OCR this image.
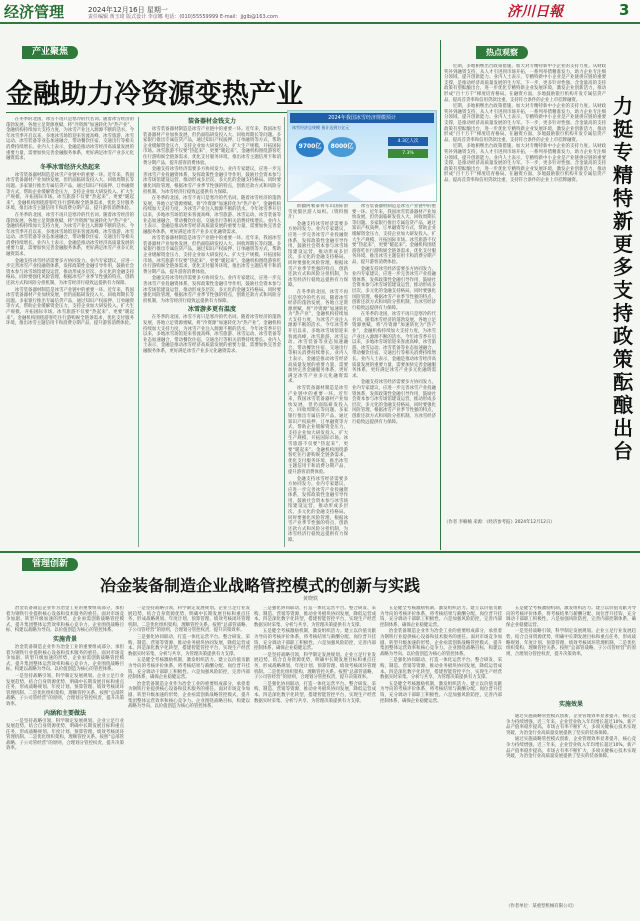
经济管理	2024年12月16日 星期一
责任编辑 黄玉琦 版式设计 李彦娜 电话：(010)55559999 E-mail：jjglb@163.com	济川日報	3
产业聚焦
金融助力冷资源变热产业

在冬季的北国，冰雪不再只是寒冷的代名词。随着冰雪经济的蓬勃发展，各地立足资源禀赋，将“冷资源”加速转化为“热产业”，金融机构持续加大支持力度，为冰雪产业注入源源不断的活水。今年冰雪季开启以来，多地冰雪场馆迎来客流高峰，冰雪旅游、冰雪运动、冰雪装备等业态加速融合，带动餐饮住宿、交通出行等相关消费持续增长。业内人士表示，金融是推动冰雪经济高质量发展的重要力量，需要加快完善金融服务体系，更好满足冰雪产业多元化融资需求。

冬季冰雪经济火热起来

冰雪装备器材制造是冰雪产业链中的重要一环。近年来，我国冰雪装备器材产业加快发展，但仍面临研发投入大、回收周期长等问题。多家银行推出专属信贷产品，通过知识产权质押、订单融资等方式，帮助企业缓解资金压力，支持企业加大研发投入、扩大生产规模、开拓国际市场。冰雪旅游不仅要“热起来”，更要“暖起来”。金融机构围绕游客吃住行游购娱全链条需求，优化支付服务环境，推出冰雪主题信用卡和消费分期产品，提升游客消费体验。

在冬季的北国，冰雪不再只是寒冷的代名词。随着冰雪经济的蓬勃发展，各地立足资源禀赋，将“冷资源”加速转化为“热产业”，金融机构持续加大支持力度，为冰雪产业注入源源不断的活水。今年冰雪季开启以来，多地冰雪场馆迎来客流高峰，冰雪旅游、冰雪运动、冰雪装备等业态加速融合，带动餐饮住宿、交通出行等相关消费持续增长。业内人士表示，金融是推动冰雪经济高质量发展的重要力量，需要加快完善金融服务体系，更好满足冰雪产业多元化融资需求。

金融支持冰雪经济需要多方协同发力。业内专家建议，应进一步完善冰雪产业投融资体系，发挥政策性金融引导作用，鼓励社会资本参与冰雪场馆建设运营，推动形成多层次、多元化的金融支持格局。同时要强化风险管理，根据冰雪产业季节性强的特点，创新还款方式和风险分担机制，为冰雪经济行稳致远提供有力保障。

冰雪装备器材制造是冰雪产业链中的重要一环。近年来，我国冰雪装备器材产业加快发展，但仍面临研发投入大、回收周期长等问题。多家银行推出专属信贷产品，通过知识产权质押、订单融资等方式，帮助企业缓解资金压力，支持企业加大研发投入、扩大生产规模、开拓国际市场。冰雪旅游不仅要“热起来”，更要“暖起来”。金融机构围绕游客吃住行游购娱全链条需求，优化支付服务环境，推出冰雪主题信用卡和消费分期产品，提升游客消费体验。

装备器材金钱支力

冰雪装备器材制造是冰雪产业链中的重要一环。近年来，我国冰雪装备器材产业加快发展，但仍面临研发投入大、回收周期长等问题。多家银行推出专属信贷产品，通过知识产权质押、订单融资等方式，帮助企业缓解资金压力，支持企业加大研发投入、扩大生产规模、开拓国际市场。冰雪旅游不仅要“热起来”，更要“暖起来”。金融机构围绕游客吃住行游购娱全链条需求，优化支付服务环境，推出冰雪主题信用卡和消费分期产品，提升游客消费体验。

金融支持冰雪经济需要多方协同发力。业内专家建议，应进一步完善冰雪产业投融资体系，发挥政策性金融引导作用，鼓励社会资本参与冰雪场馆建设运营，推动形成多层次、多元化的金融支持格局。同时要强化风险管理，根据冰雪产业季节性强的特点，创新还款方式和风险分担机制，为冰雪经济行稳致远提供有力保障。

在冬季的北国，冰雪不再只是寒冷的代名词。随着冰雪经济的蓬勃发展，各地立足资源禀赋，将“冷资源”加速转化为“热产业”，金融机构持续加大支持力度，为冰雪产业注入源源不断的活水。今年冰雪季开启以来，多地冰雪场馆迎来客流高峰，冰雪旅游、冰雪运动、冰雪装备等业态加速融合，带动餐饮住宿、交通出行等相关消费持续增长。业内人士表示，金融是推动冰雪经济高质量发展的重要力量，需要加快完善金融服务体系，更好满足冰雪产业多元化融资需求。

冰雪装备器材制造是冰雪产业链中的重要一环。近年来，我国冰雪装备器材产业加快发展，但仍面临研发投入大、回收周期长等问题。多家银行推出专属信贷产品，通过知识产权质押、订单融资等方式，帮助企业缓解资金压力，支持企业加大研发投入、扩大生产规模、开拓国际市场。冰雪旅游不仅要“热起来”，更要“暖起来”。金融机构围绕游客吃住行游购娱全链条需求，优化支付服务环境，推出冰雪主题信用卡和消费分期产品，提升游客消费体验。

金融支持冰雪经济需要多方协同发力。业内专家建议，应进一步完善冰雪产业投融资体系，发挥政策性金融引导作用，鼓励社会资本参与冰雪场馆建设运营，推动形成多层次、多元化的金融支持格局。同时要强化风险管理，根据冰雪产业季节性强的特点，创新还款方式和风险分担机制，为冰雪经济行稳致远提供有力保障。

冰雪游多更有温度

在冬季的北国，冰雪不再只是寒冷的代名词。随着冰雪经济的蓬勃发展，各地立足资源禀赋，将“冷资源”加速转化为“热产业”，金融机构持续加大支持力度，为冰雪产业注入源源不断的活水。今年冰雪季开启以来，多地冰雪场馆迎来客流高峰，冰雪旅游、冰雪运动、冰雪装备等业态加速融合，带动餐饮住宿、交通出行等相关消费持续增长。业内人士表示，金融是推动冰雪经济高质量发展的重要力量，需要加快完善金融服务体系，更好满足冰雪产业多元化融资需求。

2024年我国冰雪经济规模预计
冰雪经济总规模 预计达到万亿元
9700亿	8000亿
4.3亿人次
7.3%

新疆阿勒泰将军山国际滑雪度假区游人如织。（资料图片）

金融支持冰雪经济需要多方协同发力。业内专家建议，应进一步完善冰雪产业投融资体系，发挥政策性金融引导作用，鼓励社会资本参与冰雪场馆建设运营，推动形成多层次、多元化的金融支持格局。同时要强化风险管理，根据冰雪产业季节性强的特点，创新还款方式和风险分担机制，为冰雪经济行稳致远提供有力保障。

在冬季的北国，冰雪不再只是寒冷的代名词。随着冰雪经济的蓬勃发展，各地立足资源禀赋，将“冷资源”加速转化为“热产业”，金融机构持续加大支持力度，为冰雪产业注入源源不断的活水。今年冰雪季开启以来，多地冰雪场馆迎来客流高峰，冰雪旅游、冰雪运动、冰雪装备等业态加速融合，带动餐饮住宿、交通出行等相关消费持续增长。业内人士表示，金融是推动冰雪经济高质量发展的重要力量，需要加快完善金融服务体系，更好满足冰雪产业多元化融资需求。

冰雪装备器材制造是冰雪产业链中的重要一环。近年来，我国冰雪装备器材产业加快发展，但仍面临研发投入大、回收周期长等问题。多家银行推出专属信贷产品，通过知识产权质押、订单融资等方式，帮助企业缓解资金压力，支持企业加大研发投入、扩大生产规模、开拓国际市场。冰雪旅游不仅要“热起来”，更要“暖起来”。金融机构围绕游客吃住行游购娱全链条需求，优化支付服务环境，推出冰雪主题信用卡和消费分期产品，提升游客消费体验。

金融支持冰雪经济需要多方协同发力。业内专家建议，应进一步完善冰雪产业投融资体系，发挥政策性金融引导作用，鼓励社会资本参与冰雪场馆建设运营，推动形成多层次、多元化的金融支持格局。同时要强化风险管理，根据冰雪产业季节性强的特点，创新还款方式和风险分担机制，为冰雪经济行稳致远提供有力保障。

冰雪装备器材制造是冰雪产业链中的重要一环。近年来，我国冰雪装备器材产业加快发展，但仍面临研发投入大、回收周期长等问题。多家银行推出专属信贷产品，通过知识产权质押、订单融资等方式，帮助企业缓解资金压力，支持企业加大研发投入、扩大生产规模、开拓国际市场。冰雪旅游不仅要“热起来”，更要“暖起来”。金融机构围绕游客吃住行游购娱全链条需求，优化支付服务环境，推出冰雪主题信用卡和消费分期产品，提升游客消费体验。

金融支持冰雪经济需要多方协同发力。业内专家建议，应进一步完善冰雪产业投融资体系，发挥政策性金融引导作用，鼓励社会资本参与冰雪场馆建设运营，推动形成多层次、多元化的金融支持格局。同时要强化风险管理，根据冰雪产业季节性强的特点，创新还款方式和风险分担机制，为冰雪经济行稳致远提供有力保障。

在冬季的北国，冰雪不再只是寒冷的代名词。随着冰雪经济的蓬勃发展，各地立足资源禀赋，将“冷资源”加速转化为“热产业”，金融机构持续加大支持力度，为冰雪产业注入源源不断的活水。今年冰雪季开启以来，多地冰雪场馆迎来客流高峰，冰雪旅游、冰雪运动、冰雪装备等业态加速融合，带动餐饮住宿、交通出行等相关消费持续增长。业内人士表示，金融是推动冰雪经济高质量发展的重要力量，需要加快完善金融服务体系，更好满足冰雪产业多元化融资需求。

金融支持冰雪经济需要多方协同发力。业内专家建议，应进一步完善冰雪产业投融资体系，发挥政策性金融引导作用，鼓励社会资本参与冰雪场馆建设运营，推动形成多层次、多元化的金融支持格局。同时要强化风险管理，根据冰雪产业季节性强的特点，创新还款方式和风险分担机制，为冰雪经济行稳致远提供有力保障。

热点观察

近期，多地相继出台政策措施，加大对专精特新中小企业的支持力度。从财政奖补到融资支持，从人才引进到市场开拓，一系列举措精准发力，助力企业专注细分领域、提升创新能力。业内人士表示，专精特新中小企业是产业链供应链的重要支撑，是推动经济高质量发展的生力军。下一步，更多针对性强、含金量高的支持政策有望酝酿出台，进一步优化专精特新企业发展环境，激发企业创新活力，推动形成“百十万千”梯度培育格局。在融资方面，多地鼓励银行机构开发专属信贷产品，提高首贷率和信用贷款比重，支持符合条件的企业上市挂牌融资。

近期，多地相继出台政策措施，加大对专精特新中小企业的支持力度。从财政奖补到融资支持，从人才引进到市场开拓，一系列举措精准发力，助力企业专注细分领域、提升创新能力。业内人士表示，专精特新中小企业是产业链供应链的重要支撑，是推动经济高质量发展的生力军。下一步，更多针对性强、含金量高的支持政策有望酝酿出台，进一步优化专精特新企业发展环境，激发企业创新活力，推动形成“百十万千”梯度培育格局。在融资方面，多地鼓励银行机构开发专属信贷产品，提高首贷率和信用贷款比重，支持符合条件的企业上市挂牌融资。

近期，多地相继出台政策措施，加大对专精特新中小企业的支持力度。从财政奖补到融资支持，从人才引进到市场开拓，一系列举措精准发力，助力企业专注细分领域、提升创新能力。业内人士表示，专精特新中小企业是产业链供应链的重要支撑，是推动经济高质量发展的生力军。下一步，更多针对性强、含金量高的支持政策有望酝酿出台，进一步优化专精特新企业发展环境，激发企业创新活力，推动形成“百十万千”梯度培育格局。在融资方面，多地鼓励银行机构开发专属信贷产品，提高首贷率和信用贷款比重，支持符合条件的企业上市挂牌融资。

力挺专精特新 更多支持政策酝酿出台
（作者 李楠楠 来源：《经济参考报》2024年12月12日）
管理创新
冶金装备制造企业战略管控模式的创新与实践
黄晓轶

冶金装备制造企业作为冶金工业的重要组成部分，承担着为钢铁行业提供核心设备和技术服务的重任。面对市场竞争加剧、转型升级加速的形势，企业亟需创新战略管控模式，提升集团整体运营效率和核心竞争力。企业围绕战略目标，构建以战略为导向、以价值创造为核心的管控体系。

实施背景

冶金装备制造企业作为冶金工业的重要组成部分，承担着为钢铁行业提供核心设备和技术服务的重任。面对市场竞争加剧、转型升级加速的形势，企业亟需创新战略管控模式，提升集团整体运营效率和核心竞争力。企业围绕战略目标，构建以战略为导向、以价值创造为核心的管控体系。

一是坚持战略引领，科学制定发展规划。企业立足行业发展趋势，结合自身资源优势，明确中长期发展目标和重点任务，形成战略规划、年度计划、预算管理、绩效考核闭环管理机制。二是优化组织架构，理顺管控关系。按照“总部管战略、子公司管经营”的原则，合理划分管控权责，提升决策效率。

内涵和主要做法

一是坚持战略引领，科学制定发展规划。企业立足行业发展趋势，结合自身资源优势，明确中长期发展目标和重点任务，形成战略规划、年度计划、预算管理、绩效考核闭环管理机制。二是优化组织架构，理顺管控关系。按照“总部管战略、子公司管经营”的原则，合理划分管控权责，提升决策效率。

一是坚持战略引领，科学制定发展规划。企业立足行业发展趋势，结合自身资源优势，明确中长期发展目标和重点任务，形成战略规划、年度计划、预算管理、绩效考核闭环管理机制。二是优化组织架构，理顺管控关系。按照“总部管战略、子公司管经营”的原则，合理划分管控权责，提升决策效率。

三是强化协同联动，打造一体化运营平台。整合研发、采购、制造、营销等资源，推动业务板块协同发展，降低运营成本。四是深化数字化转型，搭建智能管控平台，实现生产经营数据实时采集、分析与共享，为管理决策提供有力支撑。

五是健全考核激励机制，激发组织活力。建立以价值贡献为导向的考核评价体系，将考核结果与薪酬分配、岗位晋升挂钩，充分调动干部职工积极性。六是加强风险防控，完善内部控制体系，确保企业稳健运营。

冶金装备制造企业作为冶金工业的重要组成部分，承担着为钢铁行业提供核心设备和技术服务的重任。面对市场竞争加剧、转型升级加速的形势，企业亟需创新战略管控模式，提升集团整体运营效率和核心竞争力。企业围绕战略目标，构建以战略为导向、以价值创造为核心的管控体系。

三是强化协同联动，打造一体化运营平台。整合研发、采购、制造、营销等资源，推动业务板块协同发展，降低运营成本。四是深化数字化转型，搭建智能管控平台，实现生产经营数据实时采集、分析与共享，为管理决策提供有力支撑。

五是健全考核激励机制，激发组织活力。建立以价值贡献为导向的考核评价体系，将考核结果与薪酬分配、岗位晋升挂钩，充分调动干部职工积极性。六是加强风险防控，完善内部控制体系，确保企业稳健运营。

一是坚持战略引领，科学制定发展规划。企业立足行业发展趋势，结合自身资源优势，明确中长期发展目标和重点任务，形成战略规划、年度计划、预算管理、绩效考核闭环管理机制。二是优化组织架构，理顺管控关系。按照“总部管战略、子公司管经营”的原则，合理划分管控权责，提升决策效率。

三是强化协同联动，打造一体化运营平台。整合研发、采购、制造、营销等资源，推动业务板块协同发展，降低运营成本。四是深化数字化转型，搭建智能管控平台，实现生产经营数据实时采集、分析与共享，为管理决策提供有力支撑。

五是健全考核激励机制，激发组织活力。建立以价值贡献为导向的考核评价体系，将考核结果与薪酬分配、岗位晋升挂钩，充分调动干部职工积极性。六是加强风险防控，完善内部控制体系，确保企业稳健运营。

冶金装备制造企业作为冶金工业的重要组成部分，承担着为钢铁行业提供核心设备和技术服务的重任。面对市场竞争加剧、转型升级加速的形势，企业亟需创新战略管控模式，提升集团整体运营效率和核心竞争力。企业围绕战略目标，构建以战略为导向、以价值创造为核心的管控体系。

三是强化协同联动，打造一体化运营平台。整合研发、采购、制造、营销等资源，推动业务板块协同发展，降低运营成本。四是深化数字化转型，搭建智能管控平台，实现生产经营数据实时采集、分析与共享，为管理决策提供有力支撑。

五是健全考核激励机制，激发组织活力。建立以价值贡献为导向的考核评价体系，将考核结果与薪酬分配、岗位晋升挂钩，充分调动干部职工积极性。六是加强风险防控，完善内部控制体系，确保企业稳健运营。

五是健全考核激励机制，激发组织活力。建立以价值贡献为导向的考核评价体系，将考核结果与薪酬分配、岗位晋升挂钩，充分调动干部职工积极性。六是加强风险防控，完善内部控制体系，确保企业稳健运营。

一是坚持战略引领，科学制定发展规划。企业立足行业发展趋势，结合自身资源优势，明确中长期发展目标和重点任务，形成战略规划、年度计划、预算管理、绩效考核闭环管理机制。二是优化组织架构，理顺管控关系。按照“总部管战略、子公司管经营”的原则，合理划分管控权责，提升决策效率。

实施效果

通过实施战略管控模式创新，企业管理效率显著提升，核心竞争力持续增强。近三年来，企业营业收入年均增长超过10%，新产品产值率稳步提高，市场占有率不断扩大，多项关键核心技术实现突破，为冶金行业高质量发展提供了坚实的装备保障。

通过实施战略管控模式创新，企业管理效率显著提升，核心竞争力持续增强。近三年来，企业营业收入年均增长超过10%，新产品产值率稳步提高，市场占有率不断扩大，多项关键核心技术实现突破，为冶金行业高质量发展提供了坚实的装备保障。

（作者单位：某重型机械有限公司）
